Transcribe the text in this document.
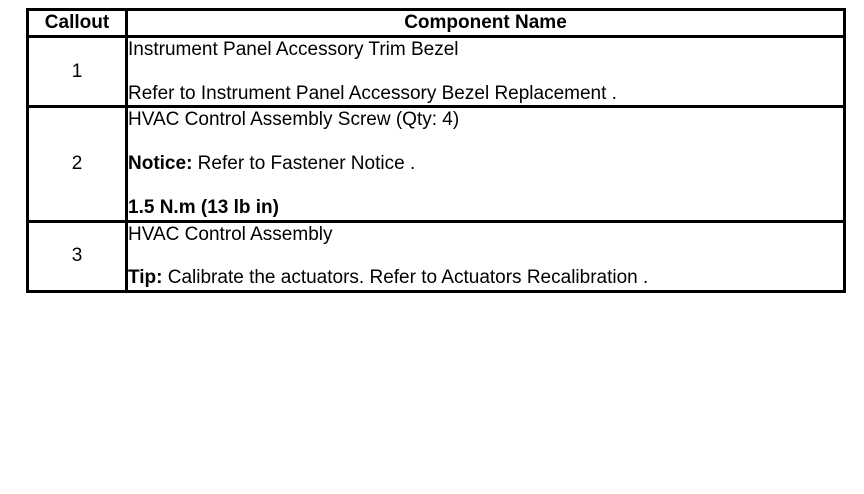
Callout	Component Name
1	Instrument Panel Accessory Trim Bezel

Refer to Instrument Panel Accessory Bezel Replacement .

2	HVAC Control Assembly Screw (Qty: 4)

Notice: Refer to Fastener Notice .

1.5 N.m (13 lb in)

3	HVAC Control Assembly

Tip: Calibrate the actuators. Refer to Actuators Recalibration .
